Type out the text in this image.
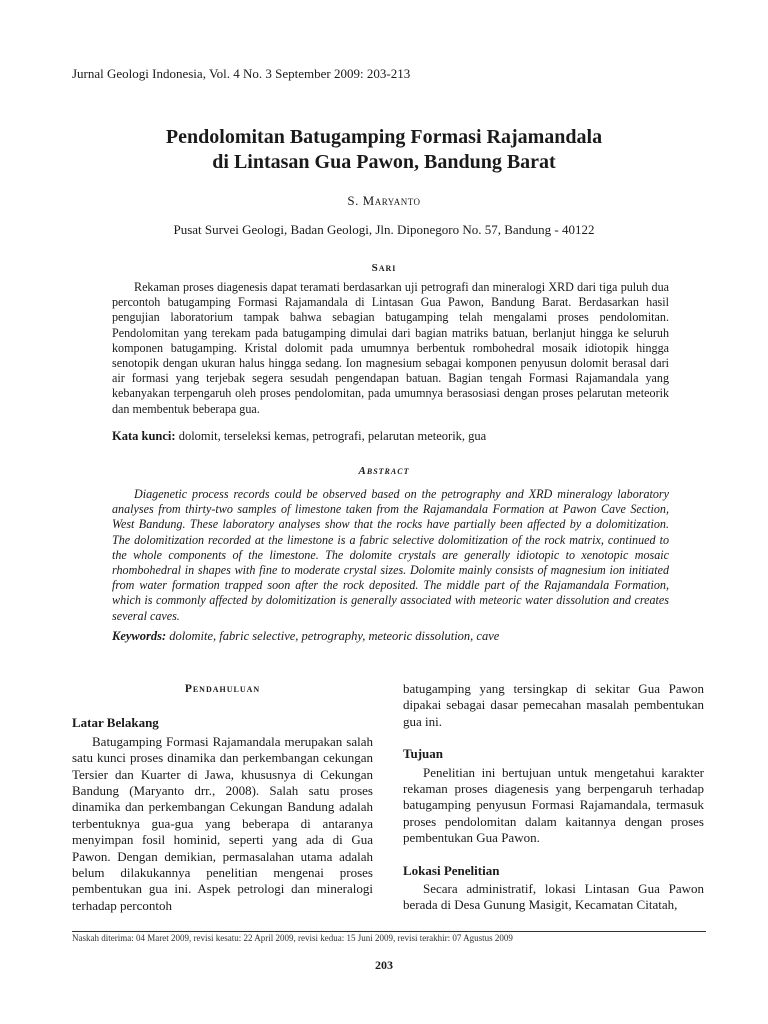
Jurnal Geologi Indonesia, Vol. 4 No. 3 September 2009: 203-213
Pendolomitan Batugamping Formasi Rajamandala
di Lintasan Gua Pawon, Bandung Barat
S. Maryanto
Pusat Survei Geologi, Badan Geologi, Jln. Diponegoro No. 57, Bandung - 40122
Sari

Rekaman proses diagenesis dapat teramati berdasarkan uji petrografi dan mineralogi XRD dari tiga puluh dua percontoh batugamping Formasi Rajamandala di Lintasan Gua Pawon, Bandung Barat. Berdasarkan hasil pengujian laboratorium tampak bahwa sebagian batugamping telah mengalami proses pendolomitan. Pendolomitan yang terekam pada batugamping dimulai dari bagian matriks batuan, berlanjut hingga ke seluruh komponen batugamping. Kristal dolomit pada umumnya berbentuk rombohedral mosaik idiotopik hingga senotopik dengan ukuran halus hingga sedang. Ion magnesium sebagai komponen penyusun dolomit berasal dari air formasi yang terjebak segera sesudah pengendapan batuan. Bagian tengah Formasi Rajamandala yang kebanyakan terpengaruh oleh proses pendolomitan, pada umumnya berasosiasi dengan proses pelarutan meteorik dan membentuk beberapa gua.

Kata kunci: dolomit, terseleksi kemas, petrografi, pelarutan meteorik, gua
Abstract

Diagenetic process records could be observed based on the petrography and XRD mineralogy laboratory analyses from thirty-two samples of limestone taken from the Rajamandala Formation at Pawon Cave Section, West Bandung. These laboratory analyses show that the rocks have partially been affected by a dolomitization. The dolomitization recorded at the limestone is a fabric selective dolomitization of the rock matrix, continued to the whole components of the limestone. The dolomite crystals are generally idiotopic to xenotopic mosaic rhombohedral in shapes with fine to moderate crystal sizes. Dolomite mainly consists of magnesium ion initiated from water formation trapped soon after the rock deposited. The middle part of the Rajamandala Formation, which is commonly affected by dolomitization is generally associated with meteoric water dissolution and creates several caves.

Keywords: dolomite, fabric selective, petrography, meteoric dissolution, cave
Pendahuluan
Latar Belakang

Batugamping Formasi Rajamandala merupakan salah satu kunci proses dinamika dan perkembangan cekungan Tersier dan Kuarter di Jawa, khususnya di Cekungan Bandung (Maryanto drr., 2008). Salah satu proses dinamika dan perkembangan Cekungan Bandung adalah terbentuknya gua-gua yang beberapa di antaranya menyimpan fosil hominid, seperti yang ada di Gua Pawon. Dengan demikian, permasalahan utama adalah belum dilakukannya penelitian mengenai proses pembentukan gua ini. Aspek petrologi dan mineralogi terhadap percontoh

batugamping yang tersingkap di sekitar Gua Pawon dipakai sebagai dasar pemecahan masalah pembentukan gua ini.

Tujuan

Penelitian ini bertujuan untuk mengetahui karakter rekaman proses diagenesis yang berpengaruh terhadap batugamping penyusun Formasi Rajamandala, termasuk proses pendolomitan dalam kaitannya dengan proses pembentukan Gua Pawon.

Lokasi Penelitian

Secara administratif, lokasi Lintasan Gua Pawon berada di Desa Gunung Masigit, Kecamatan Citatah,

Naskah diterima: 04 Maret 2009, revisi kesatu: 22 April 2009, revisi kedua: 15 Juni 2009, revisi terakhir: 07 Agustus 2009
203
